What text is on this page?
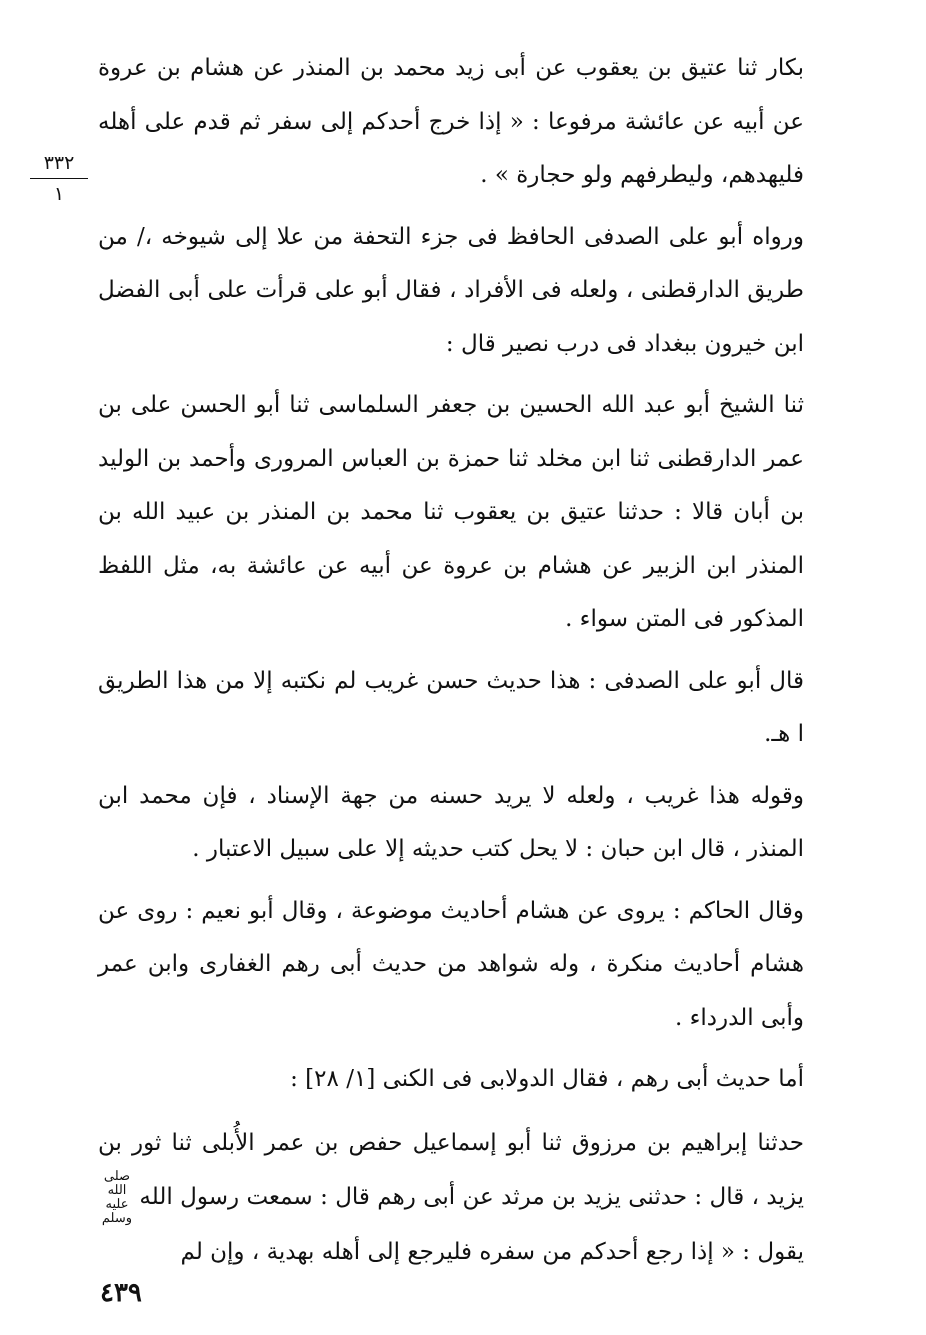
٣٣٢
١

بكار ثنا عتيق بن يعقوب عن أبى زيد محمد بن المنذر عن هشام بن عروة عن أبيه عن عائشة مرفوعا : « إذا خرج أحدكم إلى سفر ثم قدم على أهله فليهدهم، وليطرفهم ولو حجارة » .

ورواه أبو على الصدفى الحافظ فى جزء التحفة من علا إلى شيوخه ،/ من طريق الدارقطنى ، ولعله فى الأفراد ، فقال أبو على قرأت على أبى الفضل ابن خيرون ببغداد فى درب نصير قال :

ثنا الشيخ أبو عبد الله الحسين بن جعفر السلماسى ثنا أبو الحسن على بن عمر الدارقطنى ثنا ابن مخلد ثنا حمزة بن العباس المرورى وأحمد بن الوليد بن أبان قالا : حدثنا عتيق بن يعقوب ثنا محمد بن المنذر بن عبيد الله بن المنذر ابن الزبير عن هشام بن عروة عن أبيه عن عائشة به، مثل اللفظ المذكور فى المتن سواء .

قال أبو على الصدفى : هذا حديث حسن غريب لم نكتبه إلا من هذا الطريق ا هـ.

وقوله هذا غريب ، ولعله لا يريد حسنه من جهة الإسناد ، فإن محمد ابن المنذر ، قال ابن حبان : لا يحل كتب حديثه إلا على سبيل الاعتبار .

وقال الحاكم : يروى عن هشام أحاديث موضوعة ، وقال أبو نعيم : روى عن هشام أحاديث منكرة ، وله شواهد من حديث أبى رهم الغفارى وابن عمر وأبى الدرداء .

أما حديث أبى رهم ، فقال الدولابى فى الكنى [١/ ٢٨] :

حدثنا إبراهيم بن مرزوق ثنا أبو إسماعيل حفص بن عمر الأُبلى ثنا ثور بن يزيد ، قال : حدثنى يزيد بن مرثد عن أبى رهم قال : سمعت رسول الله صلى الله عليه وسلم يقول : « إذا رجع أحدكم من سفره فليرجع إلى أهله بهدية ، وإن لم

٤٣٩
